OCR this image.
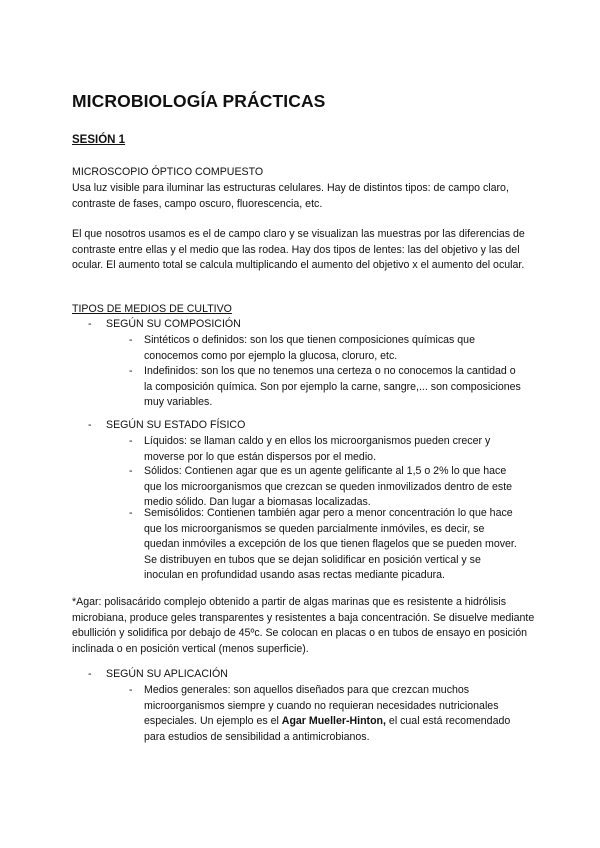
MICROBIOLOGÍA PRÁCTICAS
SESIÓN 1
MICROSCOPIO ÓPTICO COMPUESTO

Usa luz visible para iluminar las estructuras celulares. Hay de distintos tipos: de campo claro, contraste de fases, campo oscuro, fluorescencia, etc.

El que nosotros usamos es el de campo claro y se visualizan las muestras por las diferencias de contraste entre ellas y el medio que las rodea. Hay dos tipos de lentes: las del objetivo y las del ocular. El aumento total se calcula multiplicando el aumento del objetivo x el aumento del ocular.

TIPOS DE MEDIOS DE CULTIVO
- SEGÚN SU COMPOSICIÓN
- Sintéticos o definidos: son los que tienen composiciones químicas que conocemos como por ejemplo la glucosa, cloruro, etc.

- Indefinidos: son los que no tenemos una certeza o no conocemos la cantidad o la composición química. Son por ejemplo la carne, sangre,... son composiciones muy variables.

- SEGÚN SU ESTADO FÍSICO
- Líquidos: se llaman caldo y en ellos los microorganismos pueden crecer y moverse por lo que están dispersos por el medio.

- Sólidos: Contienen agar que es un agente gelificante al 1,5 o 2% lo que hace que los microorganismos que crezcan se queden inmovilizados dentro de este medio sólido. Dan lugar a biomasas localizadas.

- Semisólidos: Contienen también agar pero a menor concentración lo que hace que los microorganismos se queden parcialmente inmóviles, es decir, se quedan inmóviles a excepción de los que tienen flagelos que se pueden mover. Se distribuyen en tubos que se dejan solidificar en posición vertical y se inoculan en profundidad usando asas rectas mediante picadura.

*Agar: polisacárido complejo obtenido a partir de algas marinas que es resistente a hidrólisis microbiana, produce geles transparentes y resistentes a baja concentración. Se disuelve mediante ebullición y solidifica por debajo de 45ºc. Se colocan en placas o en tubos de ensayo en posición inclinada o en posición vertical (menos superficie).

- SEGÚN SU APLICACIÓN
- Medios generales: son aquellos diseñados para que crezcan muchos microorganismos siempre y cuando no requieran necesidades nutricionales especiales. Un ejemplo es el Agar Mueller-Hinton, el cual está recomendado para estudios de sensibilidad a antimicrobianos.
